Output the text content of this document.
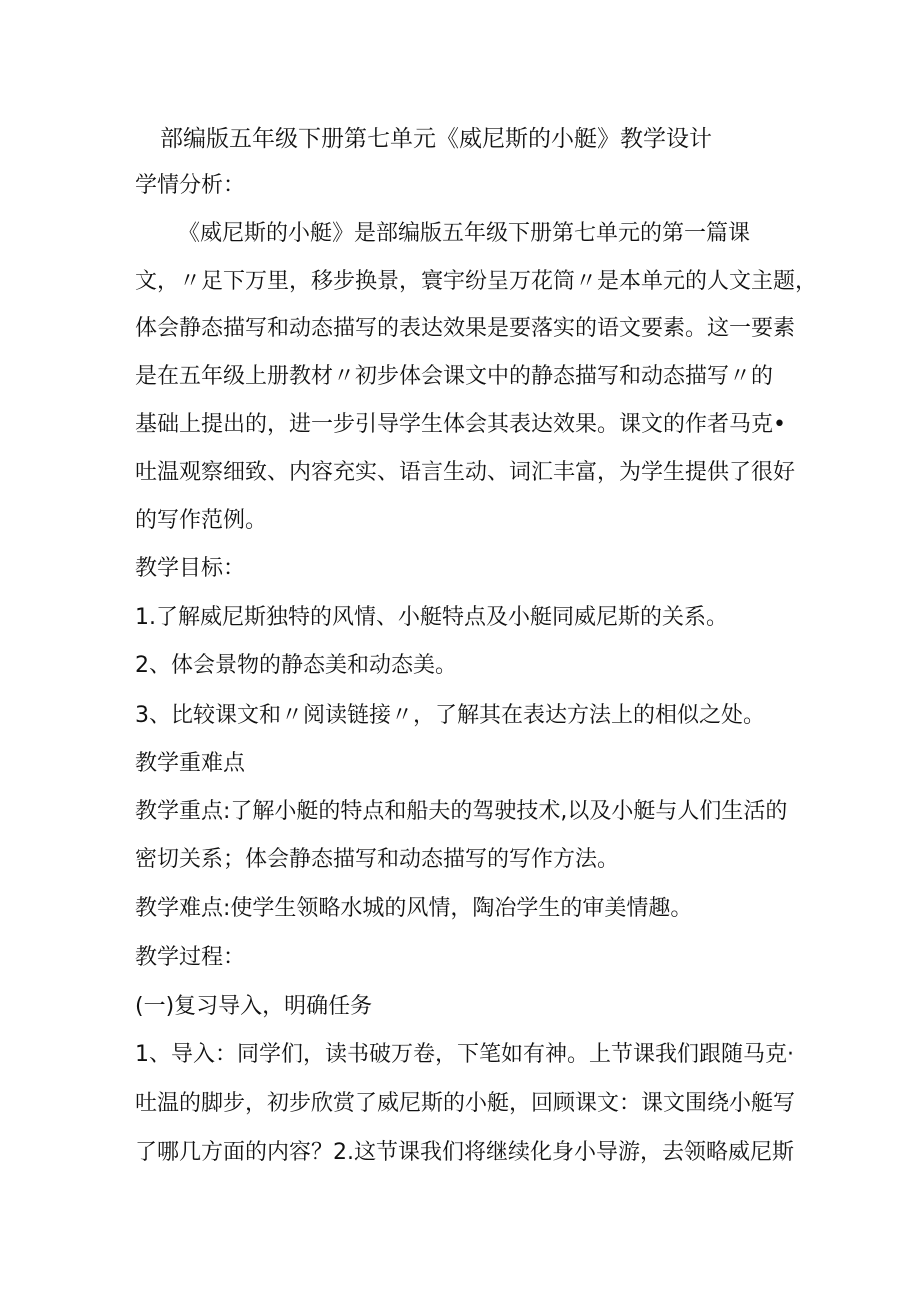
部编版五年级下册第七单元《威尼斯的小艇》教学设计
学情分析：
《威尼斯的小艇》是部编版五年级下册第七单元的第一篇课
文，〃足下万里，移步换景，寰宇纷呈万花筒〃是本单元的人文主题，
体会静态描写和动态描写的表达效果是要落实的语文要素。这一要素
是在五年级上册教材〃初步体会课文中的静态描写和动态描写〃的
基础上提出的，进一步引导学生体会其表达效果。课文的作者马克•
吐温观察细致、内容充实、语言生动、词汇丰富，为学生提供了很好
的写作范例。
教学目标：
1.了解威尼斯独特的风情、小艇特点及小艇同威尼斯的关系。
2、体会景物的静态美和动态美。
3、比较课文和〃阅读链接〃，了解其在表达方法上的相似之处。
教学重难点
教学重点:了解小艇的特点和船夫的驾驶技术,以及小艇与人们生活的
密切关系；体会静态描写和动态描写的写作方法。
教学难点:使学生领略水城的风情，陶冶学生的审美情趣。
教学过程：
(一)复习导入，明确任务
1、导入：同学们，读书破万卷，下笔如有神。上节课我们跟随马克·
吐温的脚步，初步欣赏了威尼斯的小艇，回顾课文：课文围绕小艇写
了哪几方面的内容？2.这节课我们将继续化身小导游，去领略威尼斯
